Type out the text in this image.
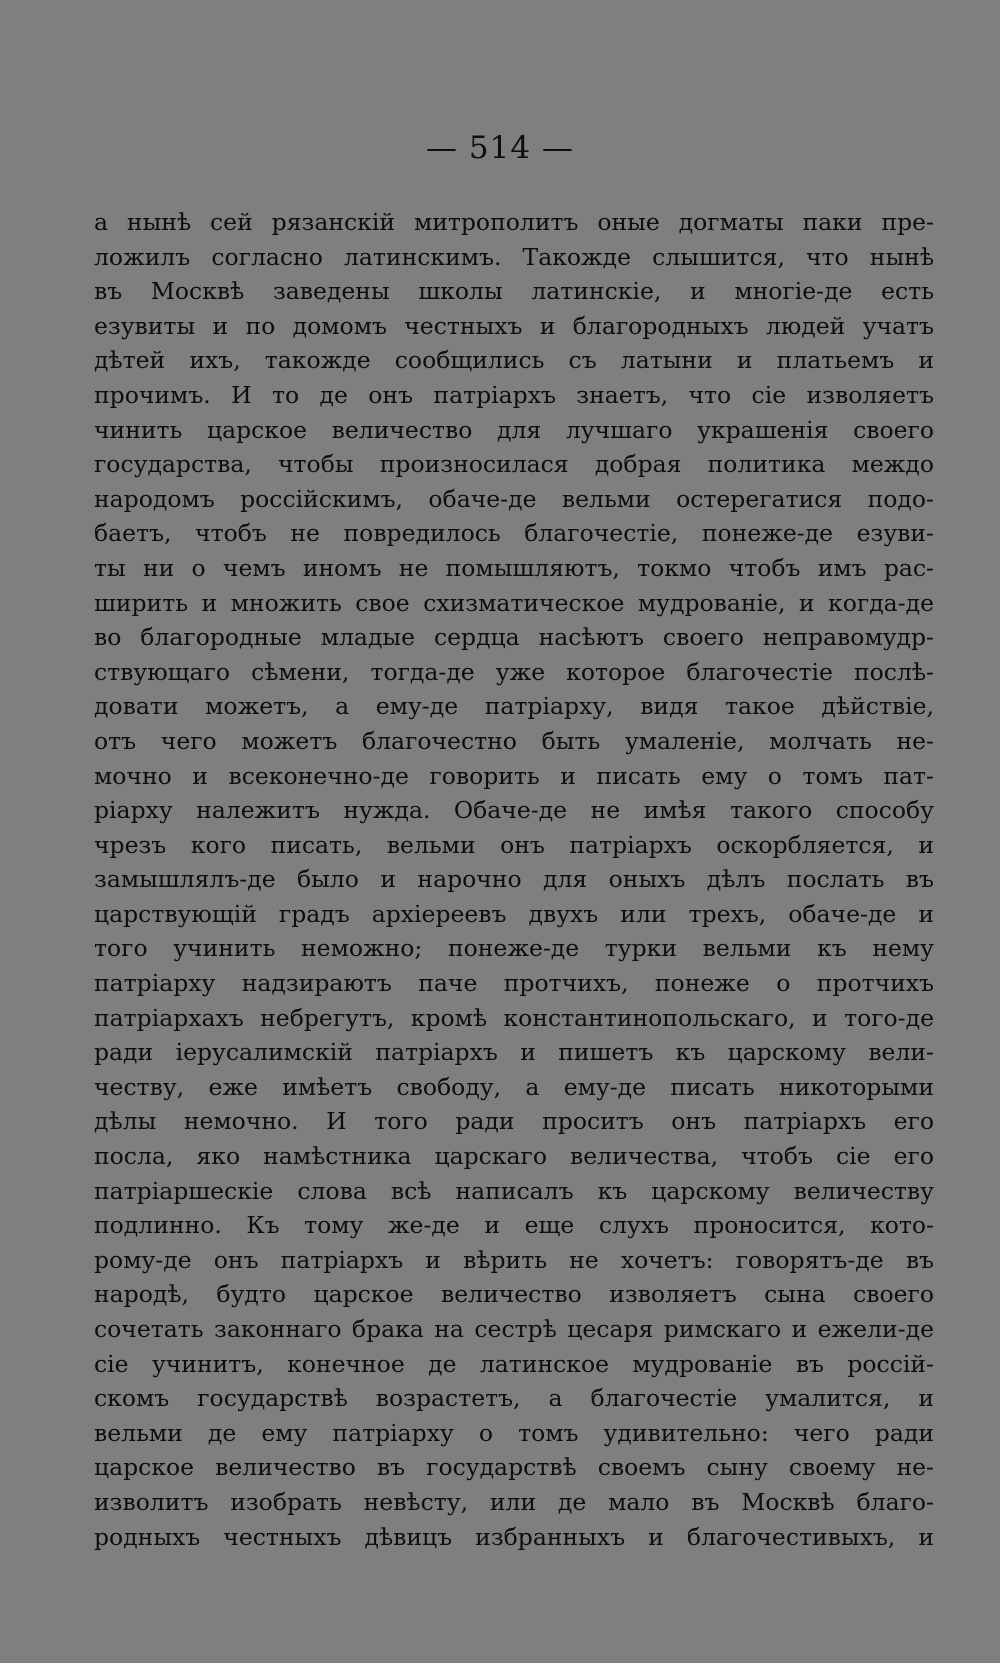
— 514 —
а нынѣ сей рязанскій митрополитъ оные догматы паки пре-
ложилъ согласно латинскимъ. Такожде слышится, что нынѣ
въ Москвѣ заведены школы латинскіе, и многіе-де есть
езувиты и по домомъ честныхъ и благородныхъ людей учатъ
дѣтей ихъ, такожде сообщились съ латыни и платьемъ и
прочимъ. И то де онъ патріархъ знаетъ, что сіе изволяетъ
чинить царское величество для лучшаго украшенія своего
государства, чтобы произносилася добрая политика междо
народомъ россійскимъ, обаче-де вельми остерегатися подо-
баетъ, чтобъ не повредилось благочестіе, понеже-де езуви-
ты ни о чемъ иномъ не помышляютъ, токмо чтобъ имъ рас-
ширить и множить свое схизматическое мудрованіе, и когда-де
во благородные младые сердца насѣютъ своего неправомудр-
ствующаго сѣмени, тогда-де уже которое благочестіе послѣ-
довати можетъ, а ему-де патріарху, видя такое дѣйствіе,
отъ чего можетъ благочестно быть умаленіе, молчать не-
мочно и всеконечно-де говорить и писать ему о томъ пат-
ріарху належитъ нужда. Обаче-де не имѣя такого способу
чрезъ кого писать, вельми онъ патріархъ оскорбляется, и
замышлялъ-де было и нарочно для оныхъ дѣлъ послать въ
царствующій градъ архіереевъ двухъ или трехъ, обаче-де и
того учинить неможно; понеже-де турки вельми къ нему
патріарху надзираютъ паче протчихъ, понеже о протчихъ
патріархахъ небрегутъ, кромѣ константинопольскаго, и того-де
ради іерусалимскій патріархъ и пишетъ къ царскому вели-
честву, еже имѣетъ свободу, а ему-де писать никоторыми
дѣлы немочно. И того ради проситъ онъ патріархъ его
посла, яко намѣстника царскаго величества, чтобъ сіе его
патріаршескіе слова всѣ написалъ къ царскому величеству
подлинно. Къ тому же-де и еще слухъ проносится, кото-
рому-де онъ патріархъ и вѣрить не хочетъ: говорятъ-де въ
народѣ, будто царское величество изволяетъ сына своего
сочетать законнаго брака на сестрѣ цесаря римскаго и ежели-де
сіе учинитъ, конечное де латинское мудрованіе въ россій-
скомъ государствѣ возрастетъ, а благочестіе умалится, и
вельми де ему патріарху о томъ удивительно: чего ради
царское величество въ государствѣ своемъ сыну своему не-
изволитъ изобрать невѣсту, или де мало въ Москвѣ благо-
родныхъ честныхъ дѣвицъ избранныхъ и благочестивыхъ, и
